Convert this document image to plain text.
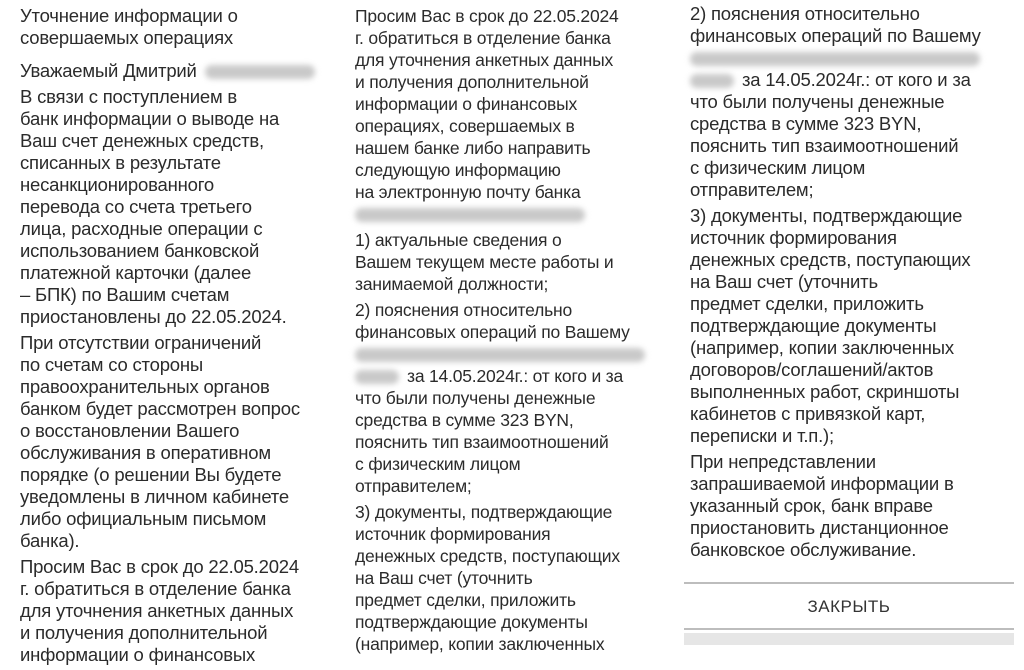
Уточнение информации о
совершаемых операциях
Уважаемый Дмитрий
В связи с поступлением в
банк информации о выводе на
Ваш счет денежных средств,
списанных в результате
несанкционированного
перевода со счета третьего
лица, расходные операции с
использованием банковской
платежной карточки (далее
– БПК) по Вашим счетам
приостановлены до 22.05.2024.
При отсутствии ограничений
по счетам со стороны
правоохранительных органов
банком будет рассмотрен вопрос
о восстановлении Вашего
обслуживания в оперативном
порядке (о решении Вы будете
уведомлены в личном кабинете
либо официальным письмом
банка).
Просим Вас в срок до 22.05.2024
г. обратиться в отделение банка
для уточнения анкетных данных
и получения дополнительной
информации о финансовых
Просим Вас в срок до 22.05.2024
г. обратиться в отделение банка
для уточнения анкетных данных
и получения дополнительной
информации о финансовых
операциях, совершаемых в
нашем банке либо направить
следующую информацию
на электронную почту банка
1) актуальные сведения о
Вашем текущем месте работы и
занимаемой должности;
2) пояснения относительно
финансовых операций по Вашему
за 14.05.2024г.: от кого и за
что были получены денежные
средства в сумме 323 BYN,
пояснить тип взаимоотношений
с физическим лицом
отправителем;
3) документы, подтверждающие
источник формирования
денежных средств, поступающих
на Ваш счет (уточнить
предмет сделки, приложить
подтверждающие документы
(например, копии заключенных
2) пояснения относительно
финансовых операций по Вашему
за 14.05.2024г.: от кого и за
что были получены денежные
средства в сумме 323 BYN,
пояснить тип взаимоотношений
с физическим лицом
отправителем;
3) документы, подтверждающие
источник формирования
денежных средств, поступающих
на Ваш счет (уточнить
предмет сделки, приложить
подтверждающие документы
(например, копии заключенных
договоров/соглашений/актов
выполненных работ, скриншоты
кабинетов с привязкой карт,
переписки и т.п.);
При непредставлении
запрашиваемой информации в
указанный срок, банк вправе
приостановить дистанционное
банковское обслуживание.
ЗАКРЫТЬ
